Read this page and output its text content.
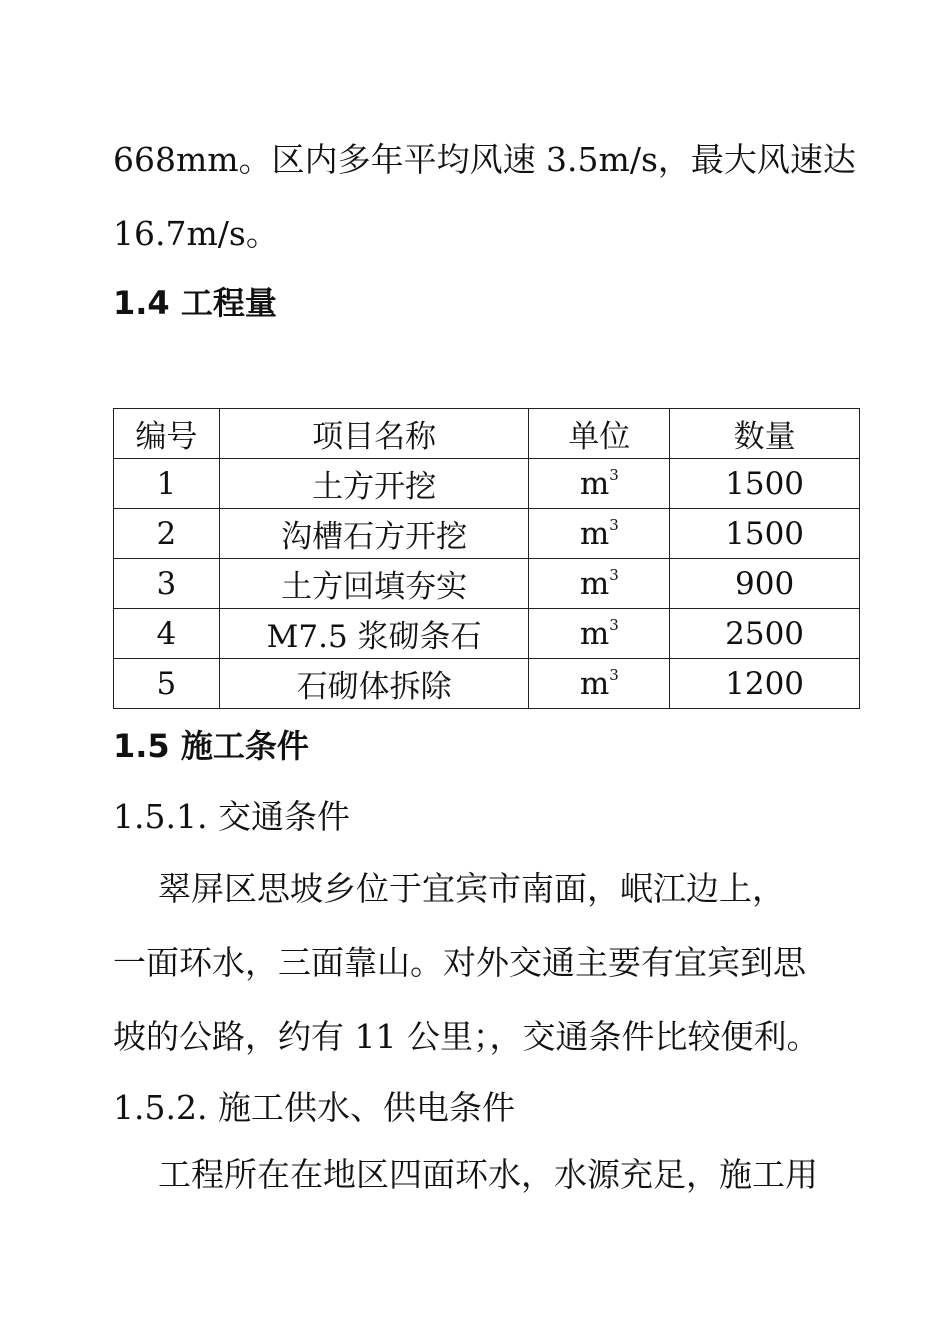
668mm。区内多年平均风速 3.5m/s，最大风速达
16.7m/s。
1.4 工程量
编号	项目名称	单位	数量
1	土方开挖	$m^3$	1500
2	沟槽石方开挖	$m^3$	1500
3	土方回填夯实	$m^3$	900
4	M7.5 浆砌条石	$m^3$	2500
5	石砌体拆除	$m^3$	1200
1.5 施工条件
1.5.1. 交通条件
翠屏区思坡乡位于宜宾市南面，岷江边上，
一面环水，三面靠山。对外交通主要有宜宾到思
坡的公路，约有 11 公里；，交通条件比较便利。
1.5.2. 施工供水、供电条件
工程所在在地区四面环水，水源充足，施工用
